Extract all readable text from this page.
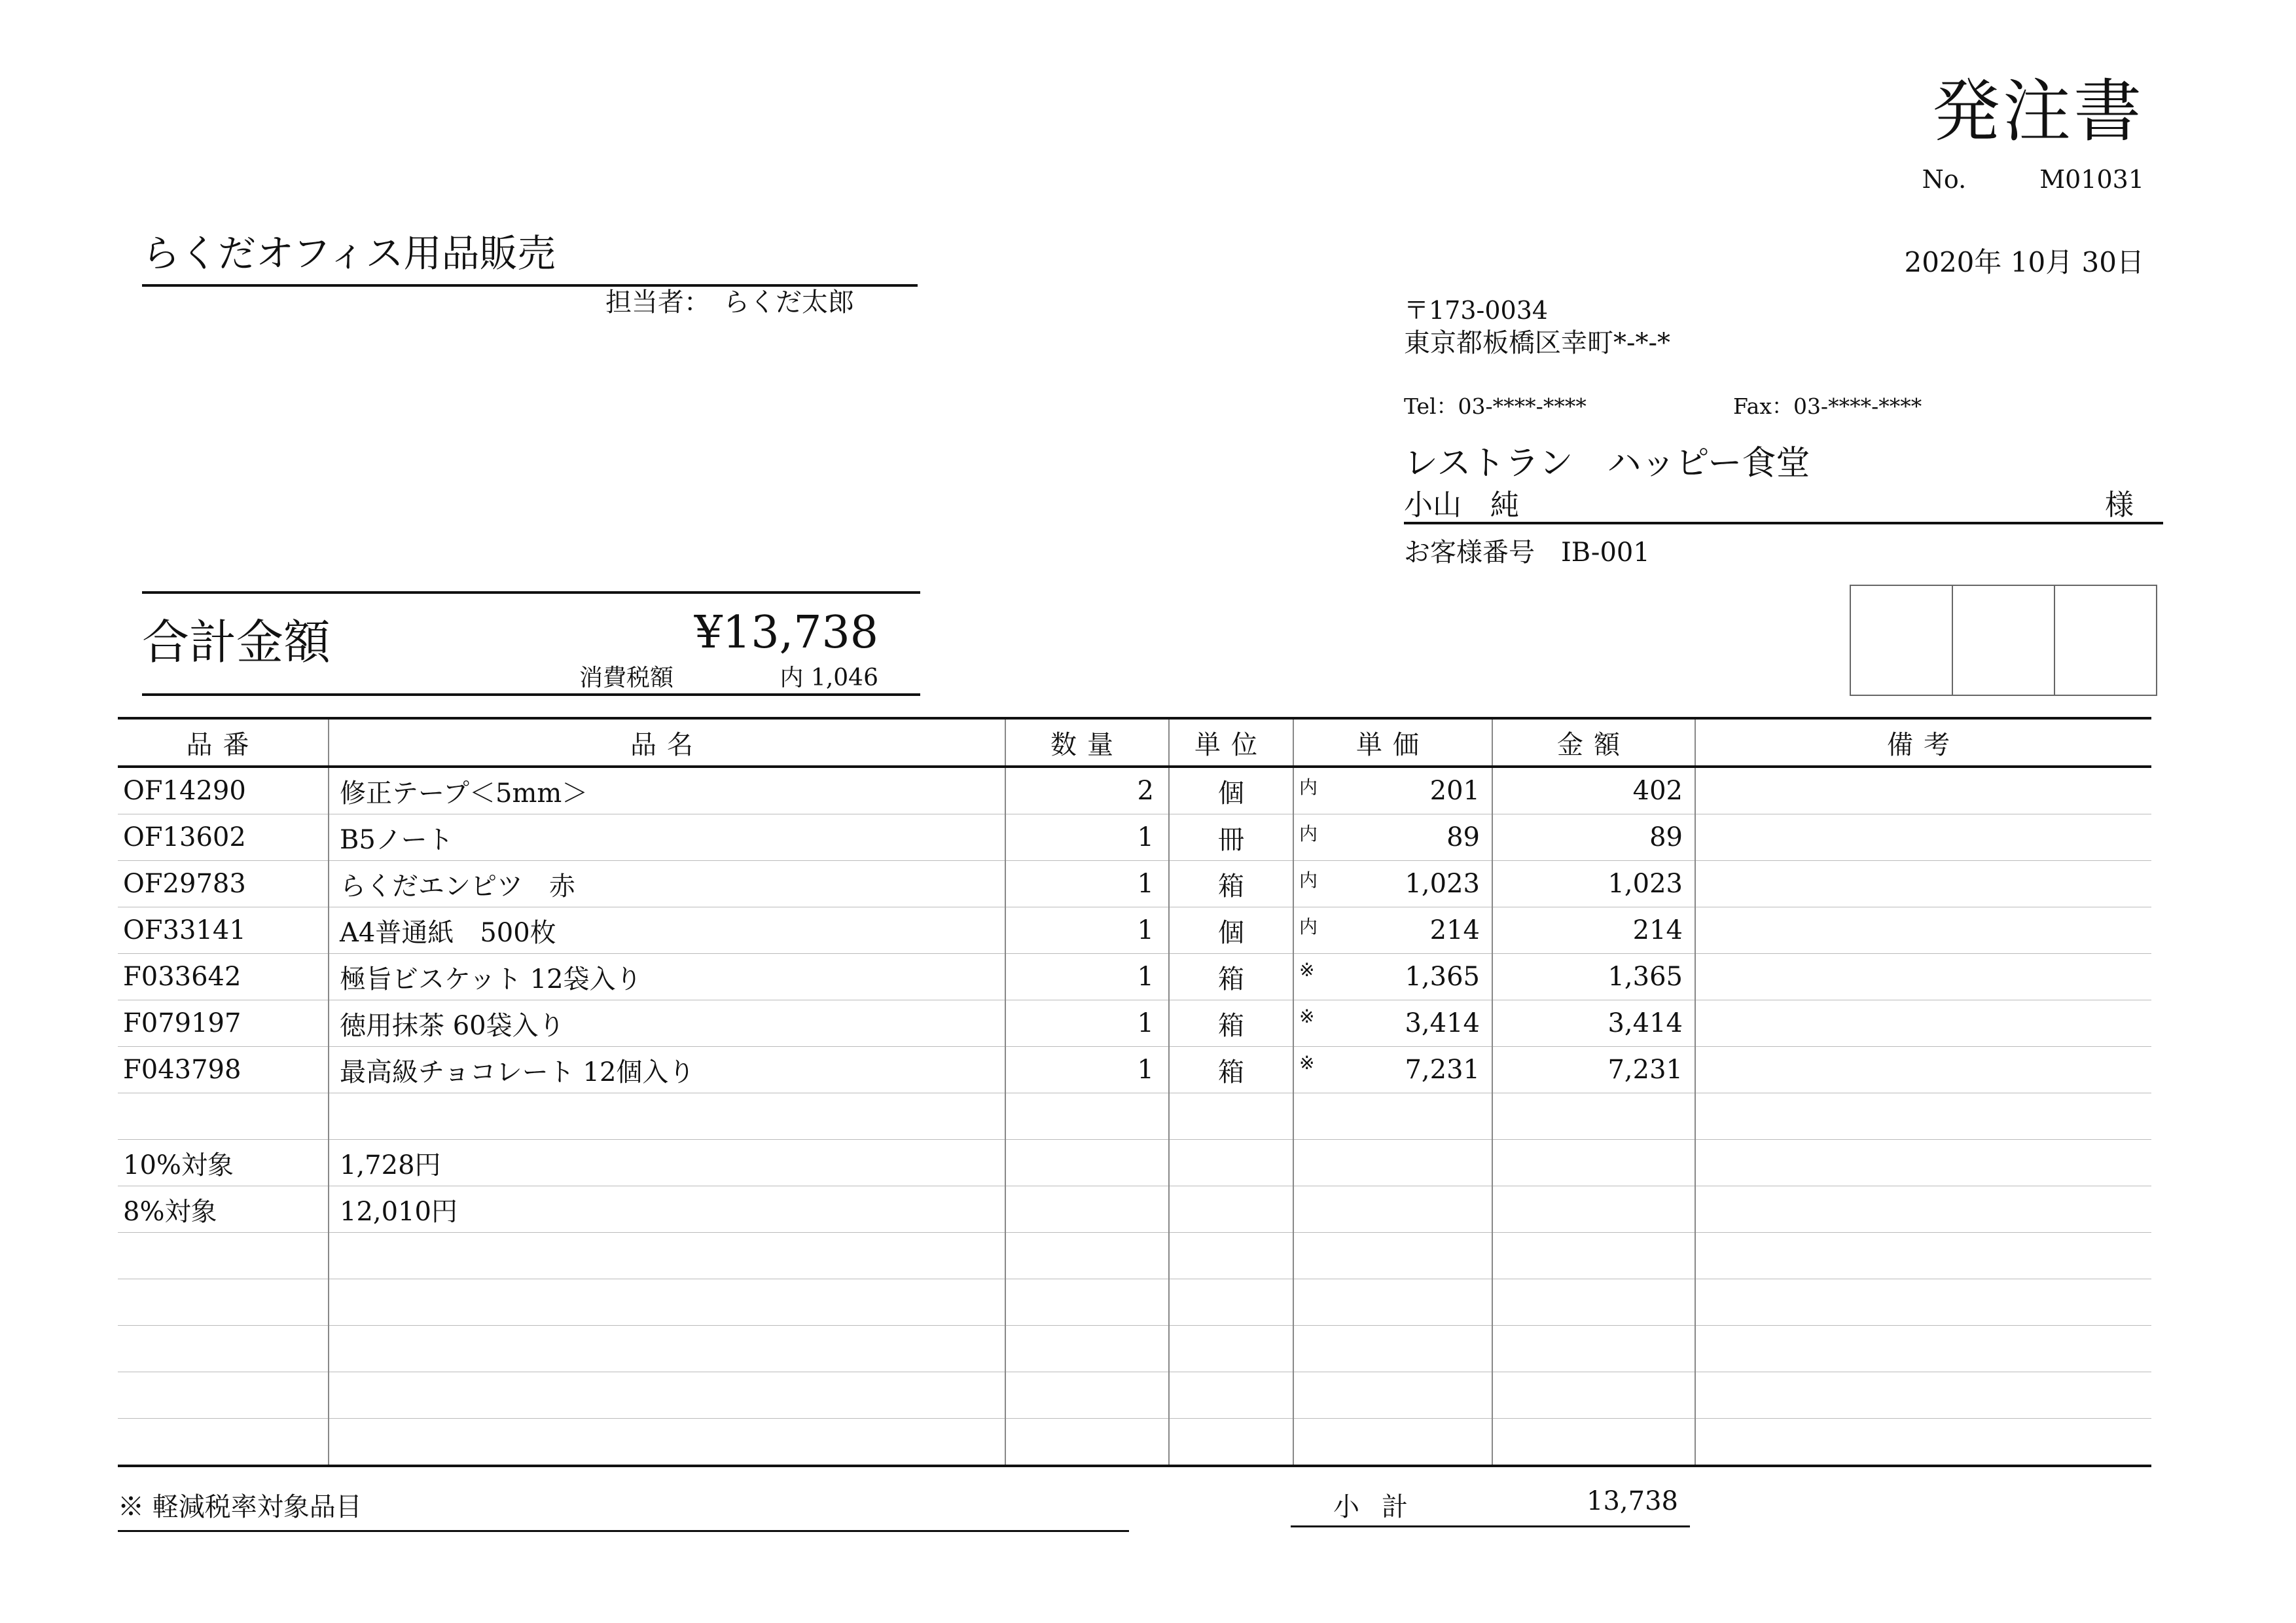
発注書
No.	M01031
2020年 10月 30日
らくだオフィス用品販売
担当者：　らくだ太郎	〒173-0034
東京都板橋区幸町*-*-*
Tel：03-****-****	Fax：03-****-****
レストラン　ハッピー食堂
小山　純	様
お客様番号　IB-001
合計金額	¥13,738
消費税額	内 1,046
品番	品名	数量	単位	単価	金額	備考
OF14290	修正テープ＜5mm＞	2	個	内 201	402	
OF13602	B5ノート	1	冊	内 89	89	
OF29783	らくだエンピツ　赤	1	箱	内 1,023	1,023	
OF33141	A4普通紙　500枚	1	個	内 214	214	
F033642	極旨ビスケット 12袋入り	1	箱	※ 1,365	1,365	
F079197	徳用抹茶 60袋入り	1	箱	※ 3,414	3,414	
F043798	最高級チョコレート 12個入り	1	箱	※ 7,231	7,231	

10%対象	1,728円			

8%対象	12,010円			

※ 軽減税率対象品目	小計	13,738
